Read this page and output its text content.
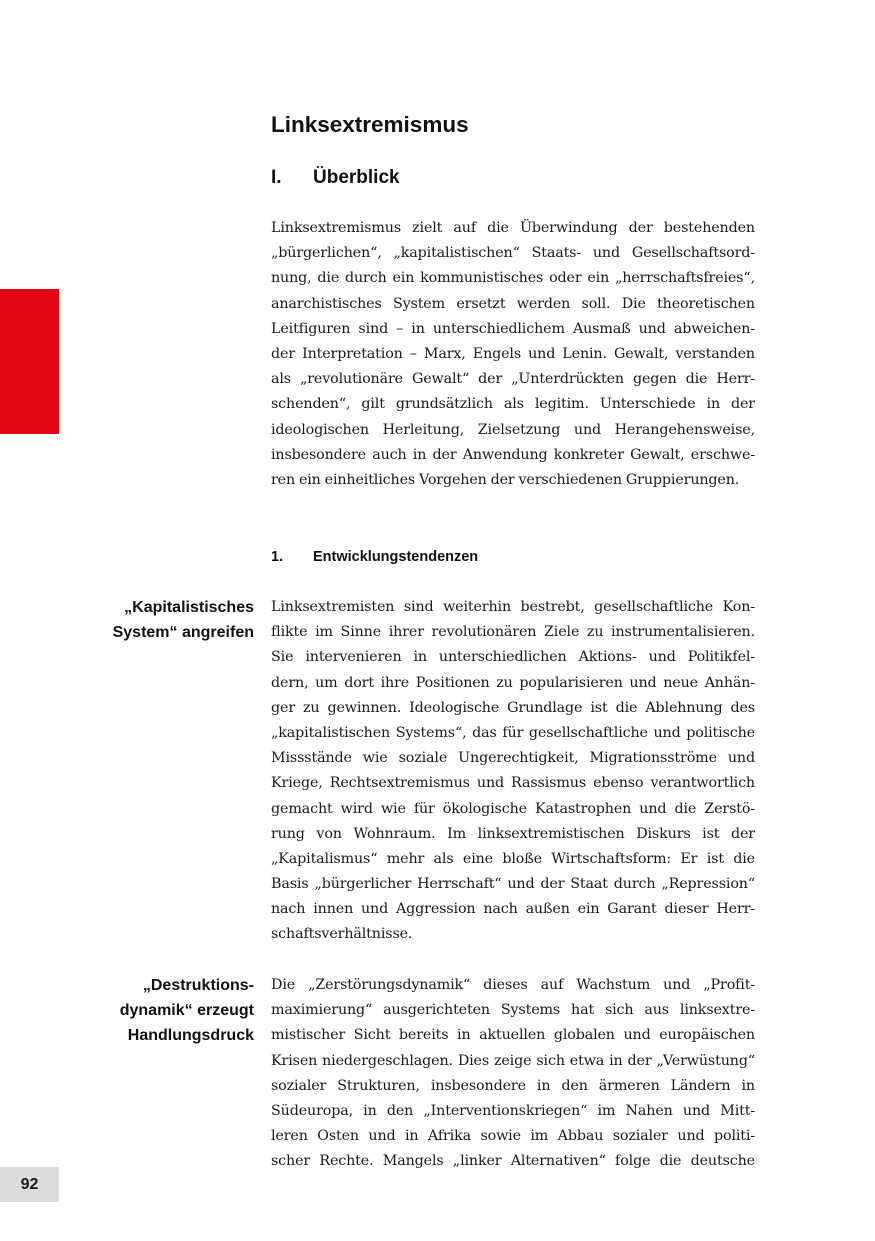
Linksextremismus
I. Überblick
Linksextremismus zielt auf die Überwindung der bestehenden
„bürgerlichen“, „kapitalistischen“ Staats- und Gesellschaftsord-
nung, die durch ein kommunistisches oder ein „herrschaftsfreies“,
anarchistisches System ersetzt werden soll. Die theoretischen
Leitfiguren sind – in unterschiedlichem Ausmaß und abweichen-
der Interpretation – Marx, Engels und Lenin. Gewalt, verstanden
als „revolutionäre Gewalt“ der „Unterdrückten gegen die Herr-
schenden“, gilt grundsätzlich als legitim. Unterschiede in der
ideologischen Herleitung, Zielsetzung und Herangehensweise,
insbesondere auch in der Anwendung konkreter Gewalt, erschwe-
ren ein einheitliches Vorgehen der verschiedenen Gruppierungen.
1. Entwicklungstendenzen
„Kapitalistisches
System“ angreifen
Linksextremisten sind weiterhin bestrebt, gesellschaftliche Kon-
flikte im Sinne ihrer revolutionären Ziele zu instrumentalisieren.
Sie intervenieren in unterschiedlichen Aktions- und Politikfel-
dern, um dort ihre Positionen zu popularisieren und neue Anhän-
ger zu gewinnen. Ideologische Grundlage ist die Ablehnung des
„kapitalistischen Systems“, das für gesellschaftliche und politische
Missstände wie soziale Ungerechtigkeit, Migrationsströme und
Kriege, Rechtsextremismus und Rassismus ebenso verantwortlich
gemacht wird wie für ökologische Katastrophen und die Zerstö-
rung von Wohnraum. Im linksextremistischen Diskurs ist der
„Kapitalismus“ mehr als eine bloße Wirtschaftsform: Er ist die
Basis „bürgerlicher Herrschaft“ und der Staat durch „Repression“
nach innen und Aggression nach außen ein Garant dieser Herr-
schaftsverhältnisse.
„Destruktions-
dynamik“ erzeugt
Handlungsdruck
Die „Zerstörungsdynamik“ dieses auf Wachstum und „Profit-
maximierung“ ausgerichteten Systems hat sich aus linksextre-
mistischer Sicht bereits in aktuellen globalen und europäischen
Krisen niedergeschlagen. Dies zeige sich etwa in der „Verwüstung“
sozialer Strukturen, insbesondere in den ärmeren Ländern in
Südeuropa, in den „Interventionskriegen“ im Nahen und Mitt-
leren Osten und in Afrika sowie im Abbau sozialer und politi-
scher Rechte. Mangels „linker Alternativen“ folge die deutsche
92
